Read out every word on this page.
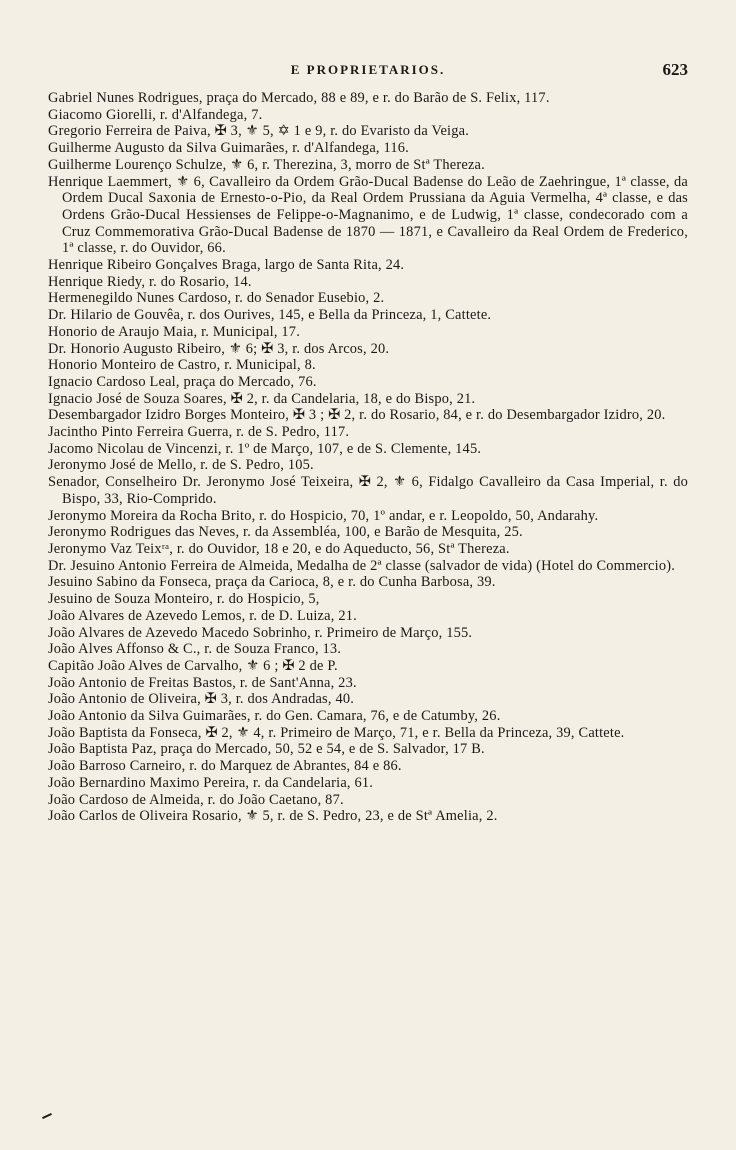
E PROPRIETARIOS.	623

Gabriel Nunes Rodrigues, praça do Mercado, 88 e 89, e r. do Barão de S. Felix, 117.

Giacomo Giorelli, r. d'Alfandega, 7.

Gregorio Ferreira de Paiva, ✠ 3, ⚜ 5, ✡ 1 e 9, r. do Evaristo da Veiga.

Guilherme Augusto da Silva Guimarães, r. d'Alfandega, 116.

Guilherme Lourenço Schulze, ⚜ 6, r. Therezina, 3, morro de Stª Thereza.

Henrique Laemmert, ⚜ 6, Cavalleiro da Ordem Grão-Ducal Badense do Leão de Zaehringue, 1ª classe, da Ordem Ducal Saxonia de Ernesto-o-Pio, da Real Ordem Prussiana da Aguia Vermelha, 4ª classe, e das Ordens Grão-Ducal Hessienses de Felippe-o-Magnanimo, e de Ludwig, 1ª classe, condecorado com a Cruz Commemorativa Grão-Ducal Badense de 1870 — 1871, e Cavalleiro da Real Ordem de Frederico, 1ª classe, r. do Ouvidor, 66.

Henrique Ribeiro Gonçalves Braga, largo de Santa Rita, 24.

Henrique Riedy, r. do Rosario, 14.

Hermenegildo Nunes Cardoso, r. do Senador Eusebio, 2.

Dr. Hilario de Gouvêa, r. dos Ourives, 145, e Bella da Princeza, 1, Cattete.

Honorio de Araujo Maia, r. Municipal, 17.

Dr. Honorio Augusto Ribeiro, ⚜ 6; ✠ 3, r. dos Arcos, 20.

Honorio Monteiro de Castro, r. Municipal, 8.

Ignacio Cardoso Leal, praça do Mercado, 76.

Ignacio José de Souza Soares, ✠ 2, r. da Candelaria, 18, e do Bispo, 21.

Desembargador Izidro Borges Monteiro, ✠ 3 ; ✠ 2, r. do Rosario, 84, e r. do Desembargador Izidro, 20.

Jacintho Pinto Ferreira Guerra, r. de S. Pedro, 117.

Jacomo Nicolau de Vincenzi, r. 1º de Março, 107, e de S. Clemente, 145.

Jeronymo José de Mello, r. de S. Pedro, 105.

Senador, Conselheiro Dr. Jeronymo José Teixeira, ✠ 2, ⚜ 6, Fidalgo Cavalleiro da Casa Imperial, r. do Bispo, 33, Rio-Comprido.

Jeronymo Moreira da Rocha Brito, r. do Hospicio, 70, 1º andar, e r. Leopoldo, 50, Andarahy.

Jeronymo Rodrigues das Neves, r. da Assembléa, 100, e Barão de Mesquita, 25.

Jeronymo Vaz Teixʳᵃ, r. do Ouvidor, 18 e 20, e do Aqueducto, 56, Stª Thereza.

Dr. Jesuino Antonio Ferreira de Almeida, Medalha de 2ª classe (salvador de vida) (Hotel do Commercio).

Jesuino Sabino da Fonseca, praça da Carioca, 8, e r. do Cunha Barbosa, 39.

Jesuino de Souza Monteiro, r. do Hospicio, 5,

João Alvares de Azevedo Lemos, r. de D. Luiza, 21.

João Alvares de Azevedo Macedo Sobrinho, r. Primeiro de Março, 155.

João Alves Affonso & C., r. de Souza Franco, 13.

Capitão João Alves de Carvalho, ⚜ 6 ; ✠ 2 de P.

João Antonio de Freitas Bastos, r. de Sant'Anna, 23.

João Antonio de Oliveira, ✠ 3, r. dos Andradas, 40.

João Antonio da Silva Guimarães, r. do Gen. Camara, 76, e de Catumby, 26.

João Baptista da Fonseca, ✠ 2, ⚜ 4, r. Primeiro de Março, 71, e r. Bella da Princeza, 39, Cattete.

João Baptista Paz, praça do Mercado, 50, 52 e 54, e de S. Salvador, 17 B.

João Barroso Carneiro, r. do Marquez de Abrantes, 84 e 86.

João Bernardino Maximo Pereira, r. da Candelaria, 61.

João Cardoso de Almeida, r. do João Caetano, 87.

João Carlos de Oliveira Rosario, ⚜ 5, r. de S. Pedro, 23, e de Stª Amelia, 2.
